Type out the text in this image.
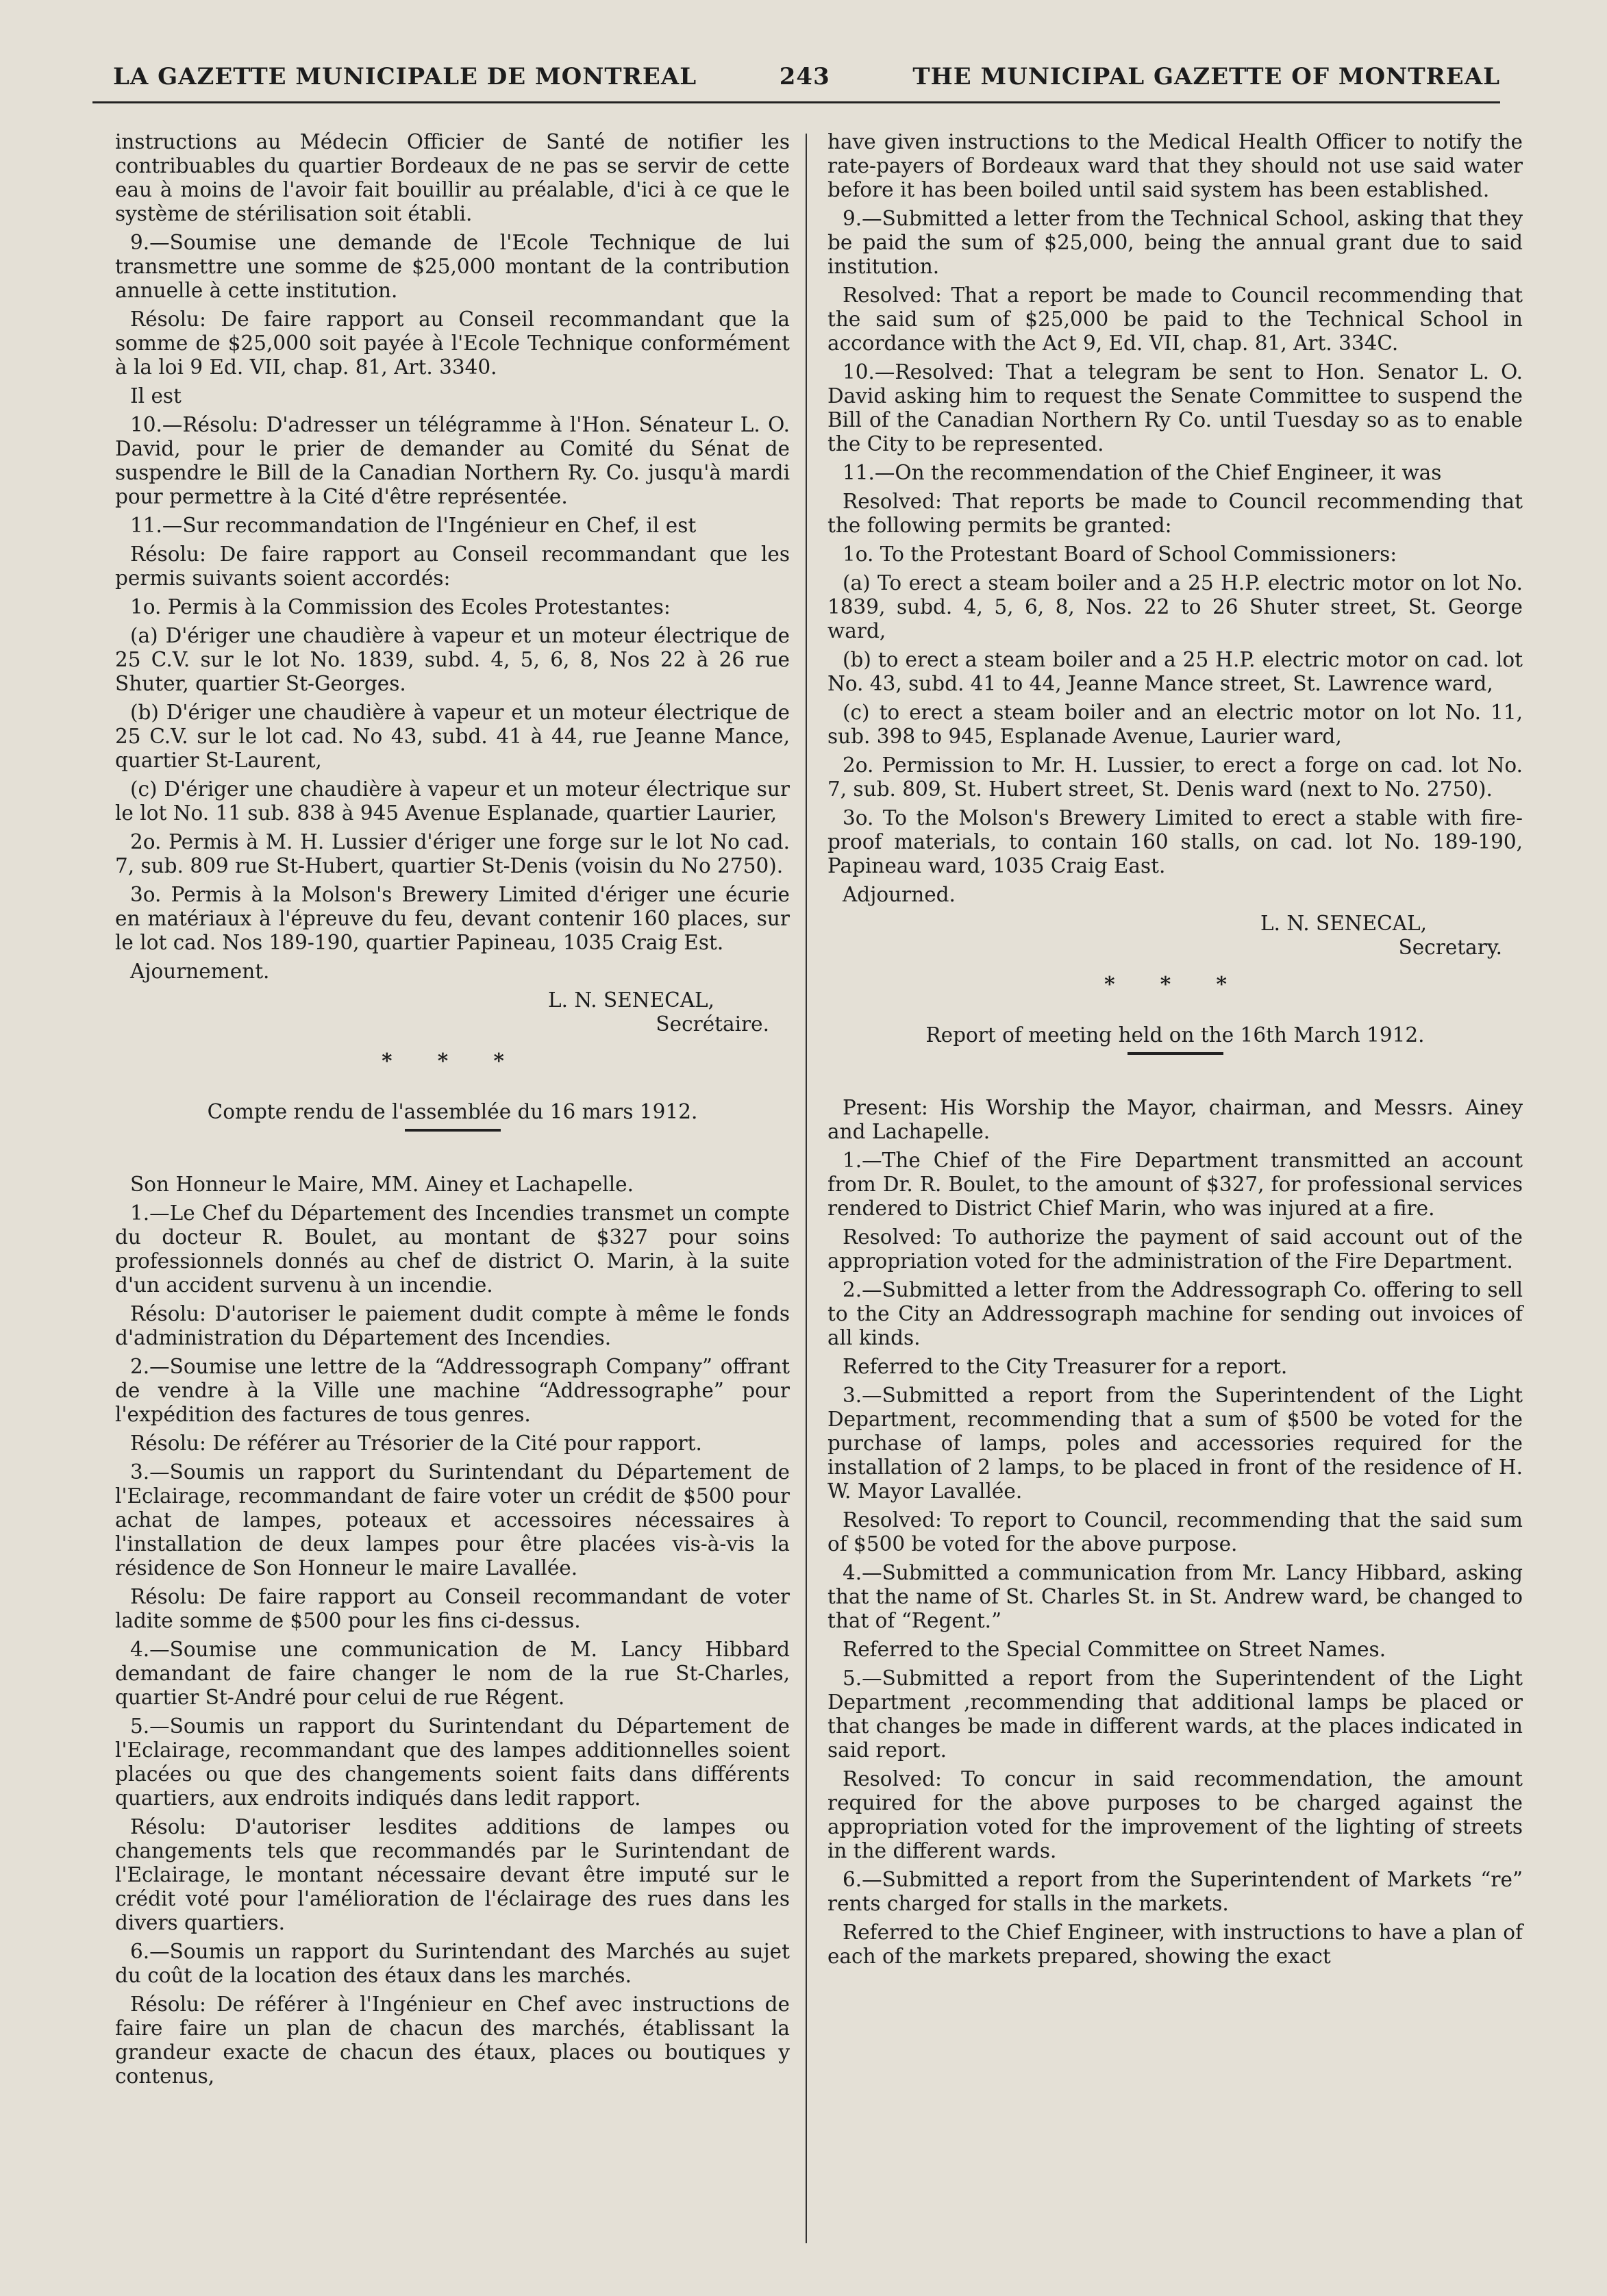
LA GAZETTE MUNICIPALE DE MONTREAL	243	THE MUNICIPAL GAZETTE OF MONTREAL

instructions au Médecin Officier de Santé de notifier les contribuables du quartier Bordeaux de ne pas se servir de cette eau à moins de l'avoir fait bouillir au préalable, d'ici à ce que le système de stérilisation soit établi.

9.—Soumise une demande de l'Ecole Technique de lui transmettre une somme de $25,000 montant de la contribution annuelle à cette institution.

Résolu: De faire rapport au Conseil recommandant que la somme de $25,000 soit payée à l'Ecole Technique conformément à la loi 9 Ed. VII, chap. 81, Art. 3340.

Il est

10.—Résolu: D'adresser un télégramme à l'Hon. Sénateur L. O. David, pour le prier de demander au Comité du Sénat de suspendre le Bill de la Canadian Northern Ry. Co. jusqu'à mardi pour permettre à la Cité d'être représentée.

11.—Sur recommandation de l'Ingénieur en Chef, il est

Résolu: De faire rapport au Conseil recommandant que les permis suivants soient accordés:

1o. Permis à la Commission des Ecoles Protestantes:

(a) D'ériger une chaudière à vapeur et un moteur électrique de 25 C.V. sur le lot No. 1839, subd. 4, 5, 6, 8, Nos 22 à 26 rue Shuter, quartier St-Georges.

(b) D'ériger une chaudière à vapeur et un moteur électrique de 25 C.V. sur le lot cad. No 43, subd. 41 à 44, rue Jeanne Mance, quartier St-Laurent,

(c) D'ériger une chaudière à vapeur et un moteur électrique sur le lot No. 11 sub. 838 à 945 Avenue Esplanade, quartier Laurier,

2o. Permis à M. H. Lussier d'ériger une forge sur le lot No cad. 7, sub. 809 rue St-Hubert, quartier St-Denis (voisin du No 2750).

3o. Permis à la Molson's Brewery Limited d'ériger une écurie en matériaux à l'épreuve du feu, devant contenir 160 places, sur le lot cad. Nos 189-190, quartier Papineau, 1035 Craig Est.

Ajournement.

L. N. SENECAL,

Secrétaire.

* * *

Compte rendu de l'assemblée du 16 mars 1912.

Son Honneur le Maire, MM. Ainey et Lachapelle.

1.—Le Chef du Département des Incendies transmet un compte du docteur R. Boulet, au montant de $327 pour soins professionnels donnés au chef de district O. Marin, à la suite d'un accident survenu à un incendie.

Résolu: D'autoriser le paiement dudit compte à même le fonds d'administration du Département des Incendies.

2.—Soumise une lettre de la “Addressograph Company” offrant de vendre à la Ville une machine “Addressographe” pour l'expédition des factures de tous genres.

Résolu: De référer au Trésorier de la Cité pour rapport.

3.—Soumis un rapport du Surintendant du Département de l'Eclairage, recommandant de faire voter un crédit de $500 pour achat de lampes, poteaux et accessoires nécessaires à l'installation de deux lampes pour être placées vis-à-vis la résidence de Son Honneur le maire Lavallée.

Résolu: De faire rapport au Conseil recommandant de voter ladite somme de $500 pour les fins ci-dessus.

4.—Soumise une communication de M. Lancy Hibbard demandant de faire changer le nom de la rue St-Charles, quartier St-André pour celui de rue Régent.

5.—Soumis un rapport du Surintendant du Département de l'Eclairage, recommandant que des lampes additionnelles soient placées ou que des changements soient faits dans différents quartiers, aux endroits indiqués dans ledit rapport.

Résolu: D'autoriser lesdites additions de lampes ou changements tels que recommandés par le Surintendant de l'Eclairage, le montant nécessaire devant être imputé sur le crédit voté pour l'amélioration de l'éclairage des rues dans les divers quartiers.

6.—Soumis un rapport du Surintendant des Marchés au sujet du coût de la location des étaux dans les marchés.

Résolu: De référer à l'Ingénieur en Chef avec instructions de faire faire un plan de chacun des marchés, établissant la grandeur exacte de chacun des étaux, places ou boutiques y contenus,

have given instructions to the Medical Health Officer to notify the rate-payers of Bordeaux ward that they should not use said water before it has been boiled until said system has been established.

9.—Submitted a letter from the Technical School, asking that they be paid the sum of $25,000, being the annual grant due to said institution.

Resolved: That a report be made to Council recommending that the said sum of $25,000 be paid to the Technical School in accordance with the Act 9, Ed. VII, chap. 81, Art. 334C.

10.—Resolved: That a telegram be sent to Hon. Senator L. O. David asking him to request the Senate Committee to suspend the Bill of the Canadian Northern Ry Co. until Tuesday so as to enable the City to be represented.

11.—On the recommendation of the Chief Engineer, it was

Resolved: That reports be made to Council recommending that the following permits be granted:

1o. To the Protestant Board of School Commissioners:

(a) To erect a steam boiler and a 25 H.P. electric motor on lot No. 1839, subd. 4, 5, 6, 8, Nos. 22 to 26 Shuter street, St. George ward,

(b) to erect a steam boiler and a 25 H.P. electric motor on cad. lot No. 43, subd. 41 to 44, Jeanne Mance street, St. Lawrence ward,

(c) to erect a steam boiler and an electric motor on lot No. 11, sub. 398 to 945, Esplanade Avenue, Laurier ward,

2o. Permission to Mr. H. Lussier, to erect a forge on cad. lot No. 7, sub. 809, St. Hubert street, St. Denis ward (next to No. 2750).

3o. To the Molson's Brewery Limited to erect a stable with fire-proof materials, to contain 160 stalls, on cad. lot No. 189-190, Papineau ward, 1035 Craig East.

Adjourned.

L. N. SENECAL,

Secretary.

* * *

Report of meeting held on the 16th March 1912.

Present: His Worship the Mayor, chairman, and Messrs. Ainey and Lachapelle.

1.—The Chief of the Fire Department transmitted an account from Dr. R. Boulet, to the amount of $327, for professional services rendered to District Chief Marin, who was injured at a fire.

Resolved: To authorize the payment of said account out of the appropriation voted for the administration of the Fire Department.

2.—Submitted a letter from the Addressograph Co. offering to sell to the City an Addressograph machine for sending out invoices of all kinds.

Referred to the City Treasurer for a report.

3.—Submitted a report from the Superintendent of the Light Department, recommending that a sum of $500 be voted for the purchase of lamps, poles and accessories required for the installation of 2 lamps, to be placed in front of the residence of H. W. Mayor Lavallée.

Resolved: To report to Council, recommending that the said sum of $500 be voted for the above purpose.

4.—Submitted a communication from Mr. Lancy Hibbard, asking that the name of St. Charles St. in St. Andrew ward, be changed to that of “Regent.”

Referred to the Special Committee on Street Names.

5.—Submitted a report from the Superintendent of the Light Department ,recommending that additional lamps be placed or that changes be made in different wards, at the places indicated in said report.

Resolved: To concur in said recommendation, the amount required for the above purposes to be charged against the appropriation voted for the improvement of the lighting of streets in the different wards.

6.—Submitted a report from the Superintendent of Markets “re” rents charged for stalls in the markets.

Referred to the Chief Engineer, with instructions to have a plan of each of the markets prepared, showing the exact
